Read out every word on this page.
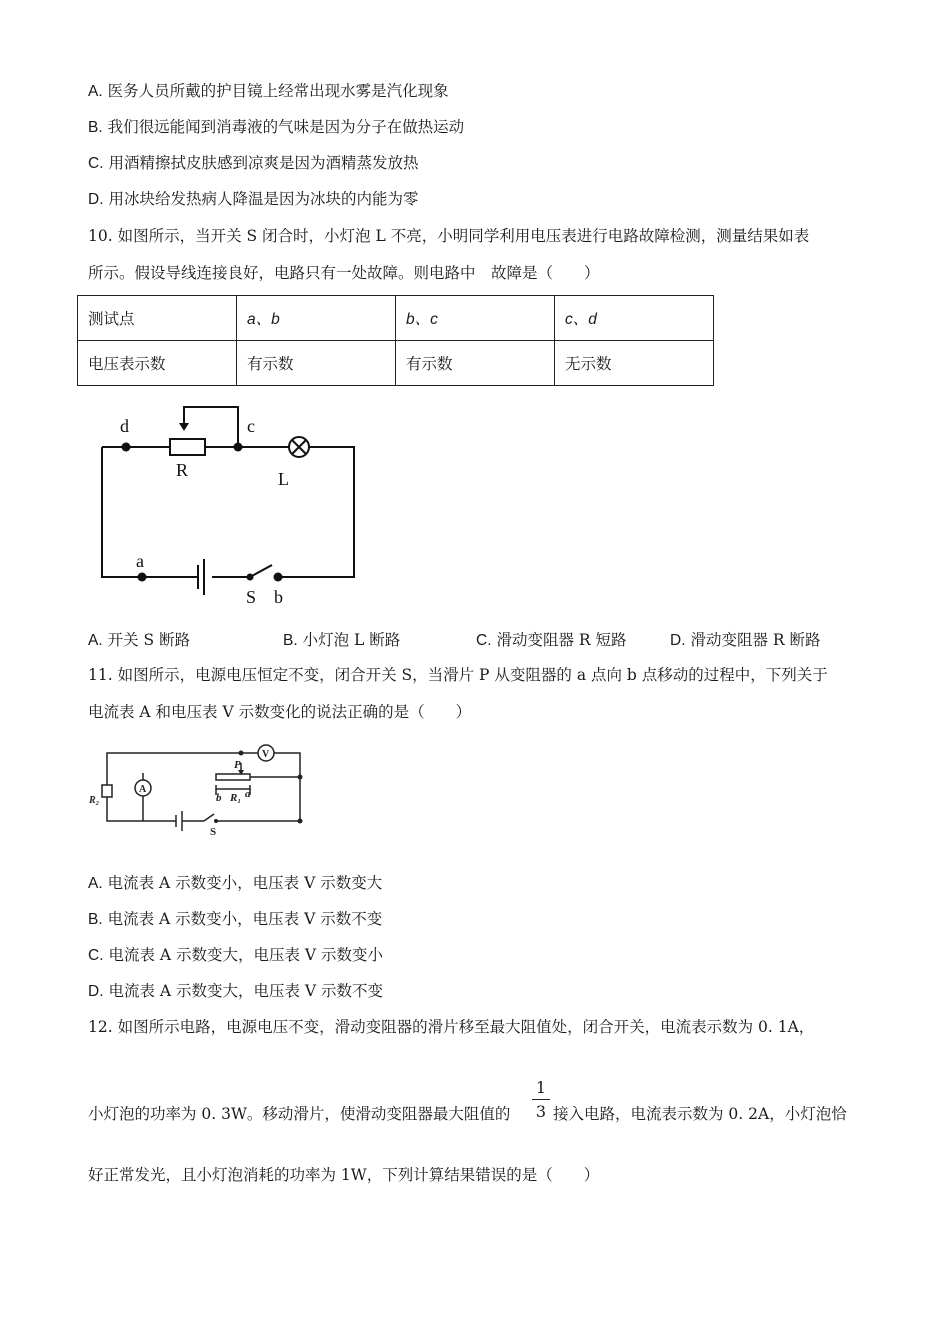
A. 医务人员所戴的护目镜上经常出现水雾是汽化现象
B. 我们很远能闻到消毒液的气味是因为分子在做热运动
C. 用酒精擦拭皮肤感到凉爽是因为酒精蒸发放热
D. 用冰块给发热病人降温是因为冰块的内能为零
10. 如图所示，当开关 S 闭合时，小灯泡 L 不亮，小明同学利用电压表进行电路故障检测，测量结果如表
所示。假设导线连接良好，电路只有一处故障。则电路中　故障是（　　）
测试点	a、b	b、c	c、d
电压表示数	有示数	有示数	无示数
d	c
R	L
a
S b
A. 开关 S 断路	B. 小灯泡 L 断路	C. 滑动变阻器 R 短路	D. 滑动变阻器 R 断路
11. 如图所示，电源电压恒定不变，闭合开关 S，当滑片 P 从变阻器的 a 点向 b 点移动的过程中，下列关于
电流表 A 和电压表 V 示数变化的说法正确的是（　　）
V
A
P
R₂	R₁
b a
S
A. 电流表 A 示数变小，电压表 V 示数变大
B. 电流表 A 示数变小，电压表 V 示数不变
C. 电流表 A 示数变大，电压表 V 示数变小
D. 电流表 A 示数变大，电压表 V 示数不变
12. 如图所示电路，电源电压不变，滑动变阻器的滑片移至最大阻值处，闭合开关，电流表示数为 0. 1A，
小灯泡的功率为 0. 3W。移动滑片，使滑动变阻器最大阻值的
1
3 接入电路，电流表示数为 0. 2A，小灯泡恰
好正常发光，且小灯泡消耗的功率为 1W，下列计算结果错误的是（　　）
